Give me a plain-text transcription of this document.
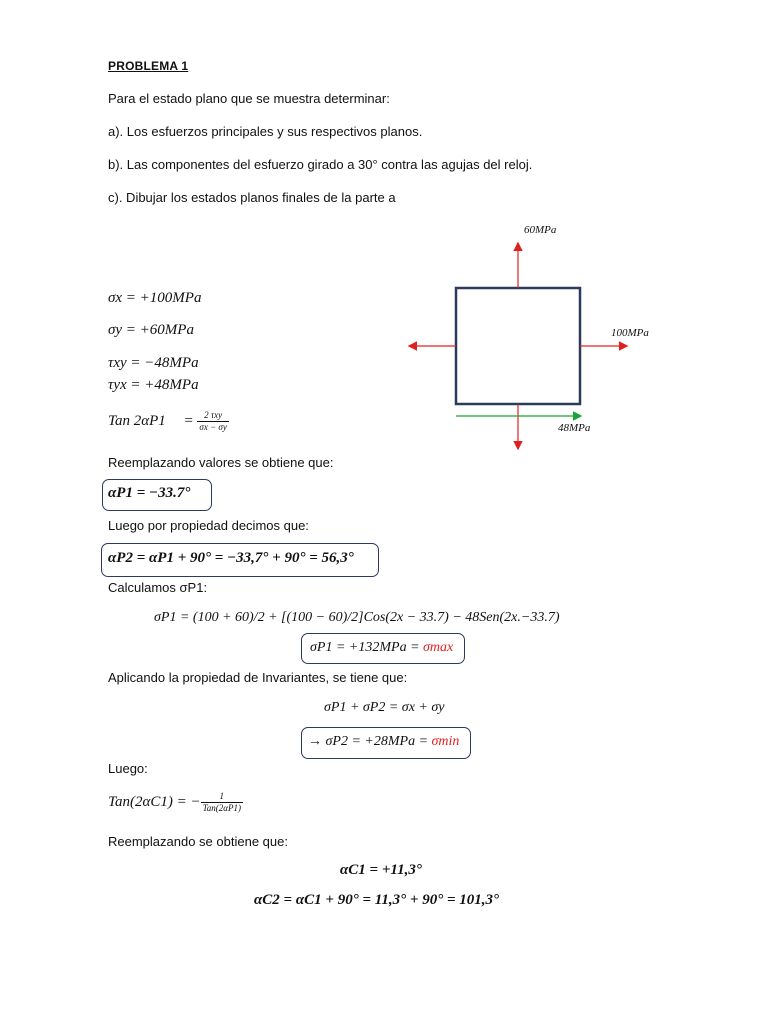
PROBLEMA 1
Para el estado plano que se muestra determinar:
a). Los esfuerzos principales y sus respectivos planos.
b). Las componentes del esfuerzo girado a 30° contra las agujas del reloj.
c). Dibujar los estados planos finales de la parte a
60MPa
100MPa
48MPa
σx = +100MPa
σy = +60MPa
τxy = −48MPa
τyx = +48MPa
Tan $2\alpha P1 = \frac{\text{2 τxy}}{\sigma x - \sigma y}$
Reemplazando valores se obtiene que:
αP1 = −33.7°
Luego por propiedad decimos que:
αP2 = αP1 + 90° = −33,7° + 90° = 56,3°
Calculamos σP1:
σP1 = (100 + 60)/2 + [(100 − 60)/2]Cos(2x − 33.7) − 48Sen(2x.−33.7)
σP1 = +132MPa = σmax
Aplicando la propiedad de Invariantes, se tiene que:
σP1 + σP2 = σx + σy
→ σP2 = +28MPa = σmin
Luego:
Tan(2αC1) = − $\frac{1}{\text{Tan(2αP1)}}$
Reemplazando se obtiene que:
αC1 = +11,3°
αC2 = αC1 + 90° = 11,3° + 90° = 101,3°
